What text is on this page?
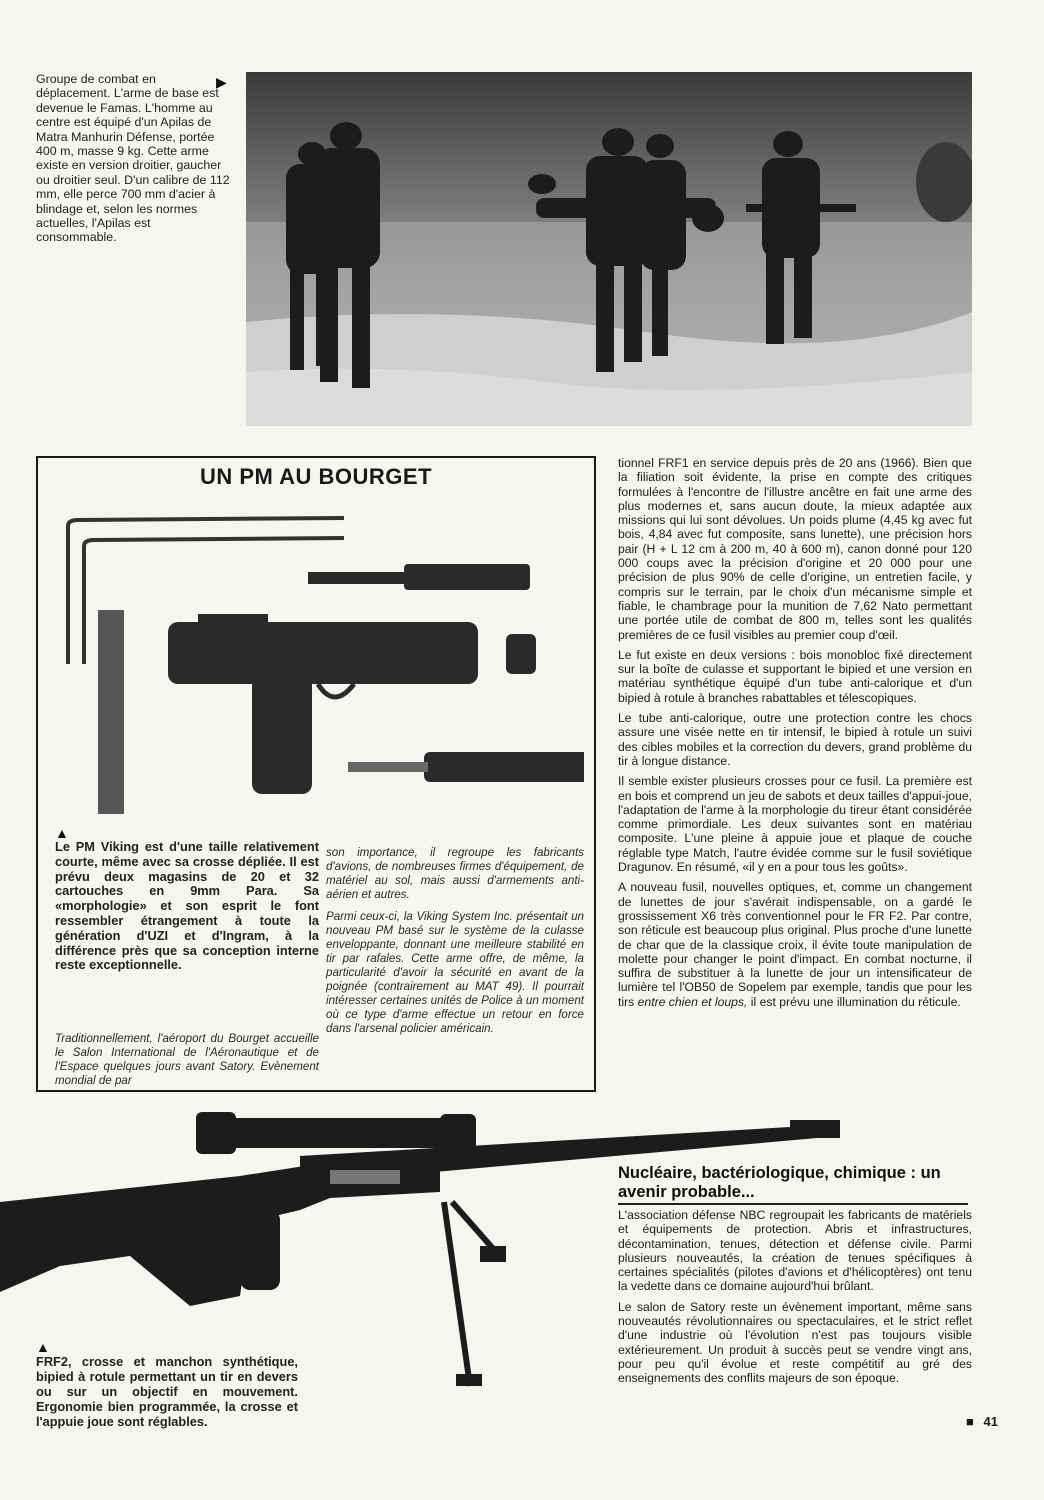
Groupe de combat en déplacement. L'arme de base est devenue le Famas. L'homme au centre est équipé d'un Apilas de Matra Manhurin Défense, portée 400 m, masse 9 kg. Cette arme existe en version droitier, gaucher ou droitier seul. D'un calibre de 112 mm, elle perce 700 mm d'acier à blindage et, selon les normes actuelles, l'Apilas est consommable.
▶
UN PM AU BOURGET
▲
Le PM Viking est d'une taille relativement courte, même avec sa crosse dépliée. Il est prévu deux magasins de 20 et 32 cartouches en 9mm Para. Sa «morphologie» et son esprit le font ressembler étrangement à toute la génération d'UZI et d'Ingram, à la différence près que sa conception interne reste exceptionnelle.

Traditionnellement, l'aéroport du Bourget accueille le Salon International de l'Aéronautique et de l'Espace quelques jours avant Satory. Evènement mondial de par

son importance, il regroupe les fabricants d'avions, de nombreuses firmes d'équipement, de matériel au sol, mais aussi d'armements anti-aérien et autres.

Parmi ceux-ci, la Viking System Inc. présentait un nouveau PM basé sur le système de la culasse enveloppante, donnant une meilleure stabilité en tir par rafales. Cette arme offre, de même, la particularité d'avoir la sécurité en avant de la poignée (contrairement au MAT 49). Il pourrait intéresser certaines unités de Police à un moment où ce type d'arme effectue un retour en force dans l'arsenal policier américain.

tionnel FRF1 en service depuis près de 20 ans (1966). Bien que la filiation soit évidente, la prise en compte des critiques formulées à l'encontre de l'illustre ancêtre en fait une arme des plus modernes et, sans aucun doute, la mieux adaptée aux missions qui lui sont dévolues. Un poids plume (4,45 kg avec fut bois, 4,84 avec fut composite, sans lunette), une précision hors pair (H + L 12 cm à 200 m, 40 à 600 m), canon donné pour 120 000 coups avec la précision d'origine et 20 000 pour une précision de plus 90% de celle d'origine, un entretien facile, y compris sur le terrain, par le choix d'un mécanisme simple et fiable, le chambrage pour la munition de 7,62 Nato permettant une portée utile de combat de 800 m, telles sont les qualités premières de ce fusil visibles au premier coup d'œil.

Le fut existe en deux versions : bois monobloc fixé directement sur la boîte de culasse et supportant le bipied et une version en matériau synthétique équipé d'un tube anti-calorique et d'un bipied à rotule à branches rabattables et télescopiques.

Le tube anti-calorique, outre une protection contre les chocs assure une visée nette en tir intensif, le bipied à rotule un suivi des cibles mobiles et la correction du devers, grand problème du tir à longue distance.

Il semble exister plusieurs crosses pour ce fusil. La première est en bois et comprend un jeu de sabots et deux tailles d'appui-joue, l'adaptation de l'arme à la morphologie du tireur étant considérée comme primordiale. Les deux suivantes sont en matériau composite. L'une pleine à appuie joue et plaque de couche réglable type Match, l'autre évidée comme sur le fusil soviétique Dragunov. En résumé, «il y en a pour tous les goûts».

A nouveau fusil, nouvelles optiques, et, comme un changement de lunettes de jour s'avérait indispensable, on a gardé le grossissement X6 très conventionnel pour le FR F2. Par contre, son réticule est beaucoup plus original. Plus proche d'une lunette de char que de la classique croix, il évite toute manipulation de molette pour changer le point d'impact. En combat nocturne, il suffira de substituer à la lunette de jour un intensificateur de lumière tel l'OB50 de Sopelem par exemple, tandis que pour les tirs entre chien et loups, il est prévu une illumination du réticule.

Nucléaire, bactériologique, chimique : un avenir probable...

L'association défense NBC regroupait les fabricants de matériels et équipements de protection. Abris et infrastructures, décontamination, tenues, détection et défense civile. Parmi plusieurs nouveautés, la création de tenues spécifiques à certaines spécialités (pilotes d'avions et d'hélicoptères) ont tenu la vedette dans ce domaine aujourd'hui brûlant.

Le salon de Satory reste un évènement important, même sans nouveautés révolutionnaires ou spectaculaires, et le strict reflet d'une industrie où l'évolution n'est pas toujours visible extérieurement. Un produit à succès peut se vendre vingt ans, pour peu qu'il évolue et reste compétitif au gré des enseignements des conflits majeurs de son époque.

▲
FRF2, crosse et manchon synthétique, bipied à rotule permettant un tir en devers ou sur un objectif en mouvement. Ergonomie bien programmée, la crosse et l'appuie joue sont réglables.	■ 41
